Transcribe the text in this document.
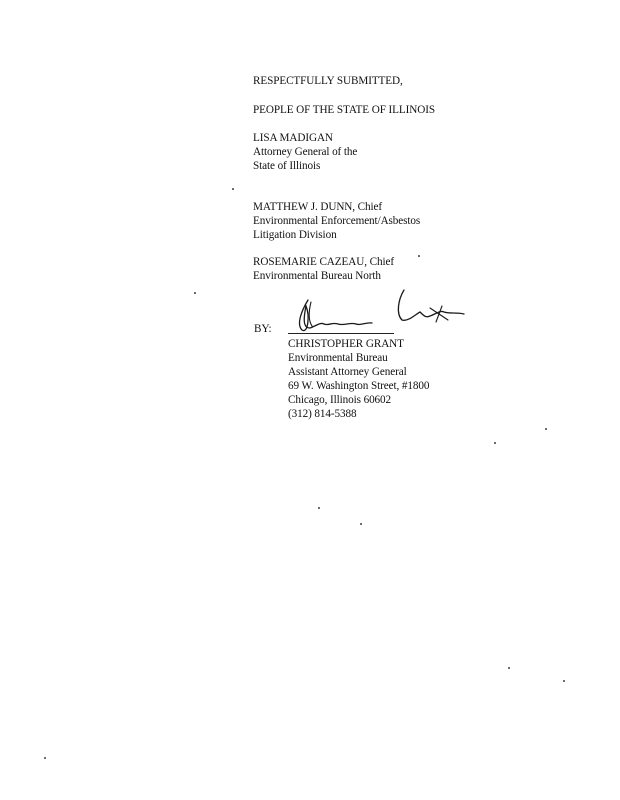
RESPECTFULLY SUBMITTED,
PEOPLE OF THE STATE OF ILLINOIS
LISA MADIGAN
Attorney General of the
State of Illinois
MATTHEW J. DUNN, Chief
Environmental Enforcement/Asbestos
Litigation Division
ROSEMARIE CAZEAU, Chief
Environmental Bureau North
BY:
CHRISTOPHER GRANT
Environmental Bureau
Assistant Attorney General
69 W. Washington Street, #1800
Chicago, Illinois 60602
(312) 814-5388
